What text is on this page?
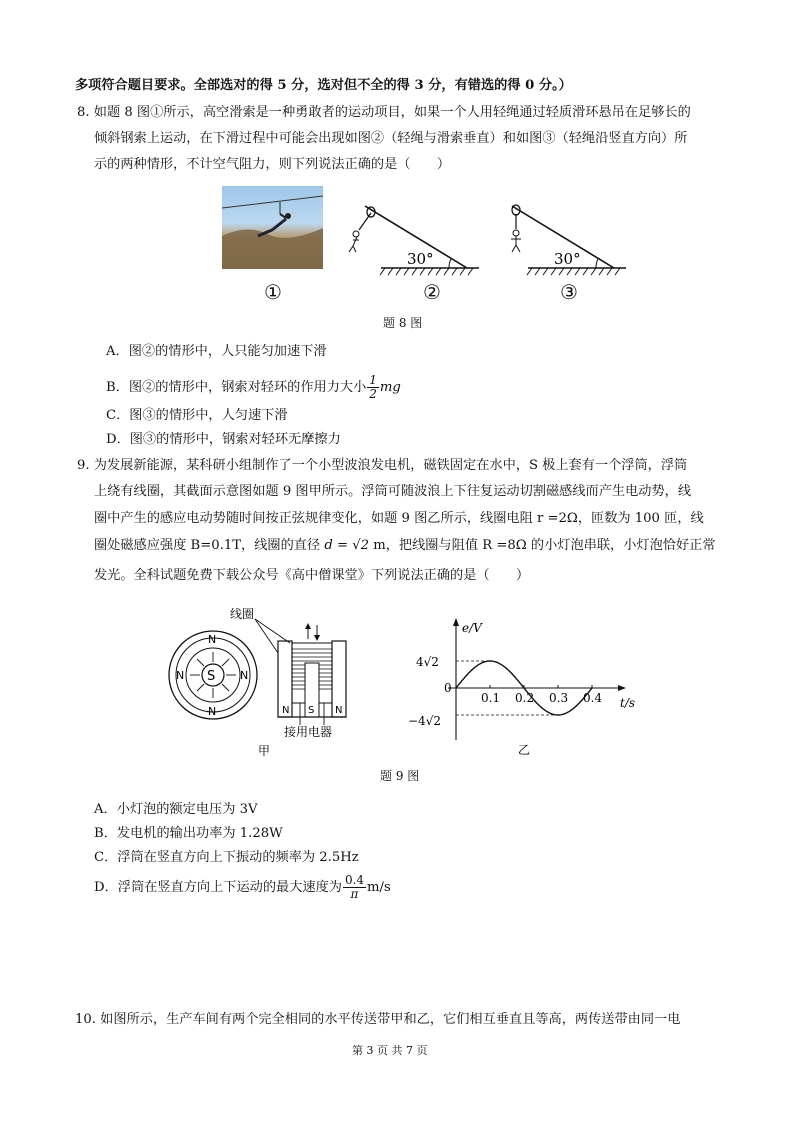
多项符合题目要求。全部选对的得 5 分，选对但不全的得 3 分，有错选的得 0 分。）
8. 如题 8 图①所示，高空滑索是一种勇敢者的运动项目，如果一个人用轻绳通过轻质滑环悬吊在足够长的
倾斜钢索上运动，在下滑过程中可能会出现如图②（轻绳与滑索垂直）和如图③（轻绳沿竖直方向）所
示的两种情形，不计空气阻力，则下列说法正确的是（　　）
30°	30°
①	②	③
题 8 图
A．图②的情形中，人只能匀加速下滑
B．图②的情形中，钢索对轻环的作用力大小 $\frac{1}{2}$ mg
C．图③的情形中，人匀速下滑
D．图③的情形中，钢索对轻环无摩擦力
9. 为发展新能源，某科研小组制作了一个小型波浪发电机，磁铁固定在水中，S 极上套有一个浮筒，浮筒
上绕有线圈，其截面示意图如题 9 图甲所示。浮筒可随波浪上下往复运动切割磁感线而产生电动势，线
圈中产生的感应电动势随时间按正弦规律变化，如题 9 图乙所示，线圈电阻 r =2Ω，匝数为 100 匝，线
圈处磁感应强度 B=0.1T，线圈的直径 d = √2 m，把线圈与阻值 R =8Ω 的小灯泡串联，小灯泡恰好正常
发光。全科试题免费下载公众号《高中僧课堂》下列说法正确的是（　　）
S
N
N
N	N
线圈
N S N
接用电器
甲
e/V
t/s
4√2
−4√2
0
0.1 0.2 0.3 0.4
乙
题 9 图
A．小灯泡的额定电压为 3V
B．发电机的输出功率为 1.28W
C．浮筒在竖直方向上下振动的频率为 2.5Hz
D．浮筒在竖直方向上下运动的最大速度为 $\frac{0.4}{\pi} m/s$
10. 如图所示，生产车间有两个完全相同的水平传送带甲和乙，它们相互垂直且等高，两传送带由同一电
第 3 页 共 7 页
